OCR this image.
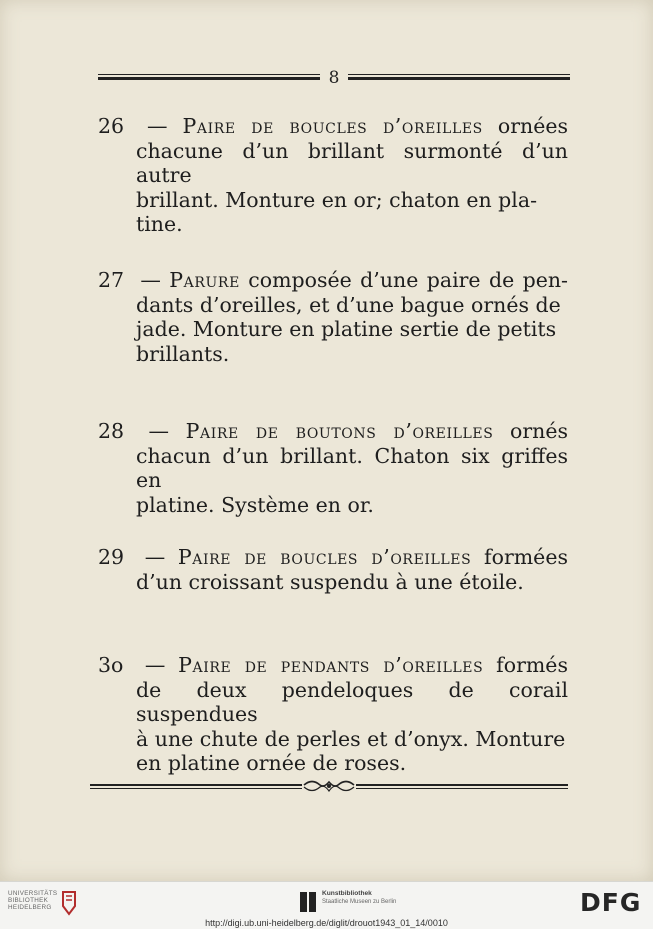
8
26 — Paire de boucles d’oreilles ornées
chacune d’un brillant surmonté d’un autre
brillant. Monture en or; chaton en pla-
tine.
27 — Parure composée d’une paire de pen-
dants d’oreilles, et d’une bague ornés de
jade. Monture en platine sertie de petits
brillants.
28 — Paire de boutons d’oreilles ornés
chacun d’un brillant. Chaton six griffes en
platine. Système en or.
29 — Paire de boucles d’oreilles formées
d’un croissant suspendu à une étoile.
3o — Paire de pendants d’oreilles formés
de deux pendeloques de corail suspendues
à une chute de perles et d’onyx. Monture
en platine ornée de roses.
UNIVERSITÄTS
BIBLIOTHEK
HEIDELBERG
Kunstbibliothek
Staatliche Museen zu Berlin	DFG
http://digi.ub.uni-heidelberg.de/diglit/drouot1943_01_14/0010
